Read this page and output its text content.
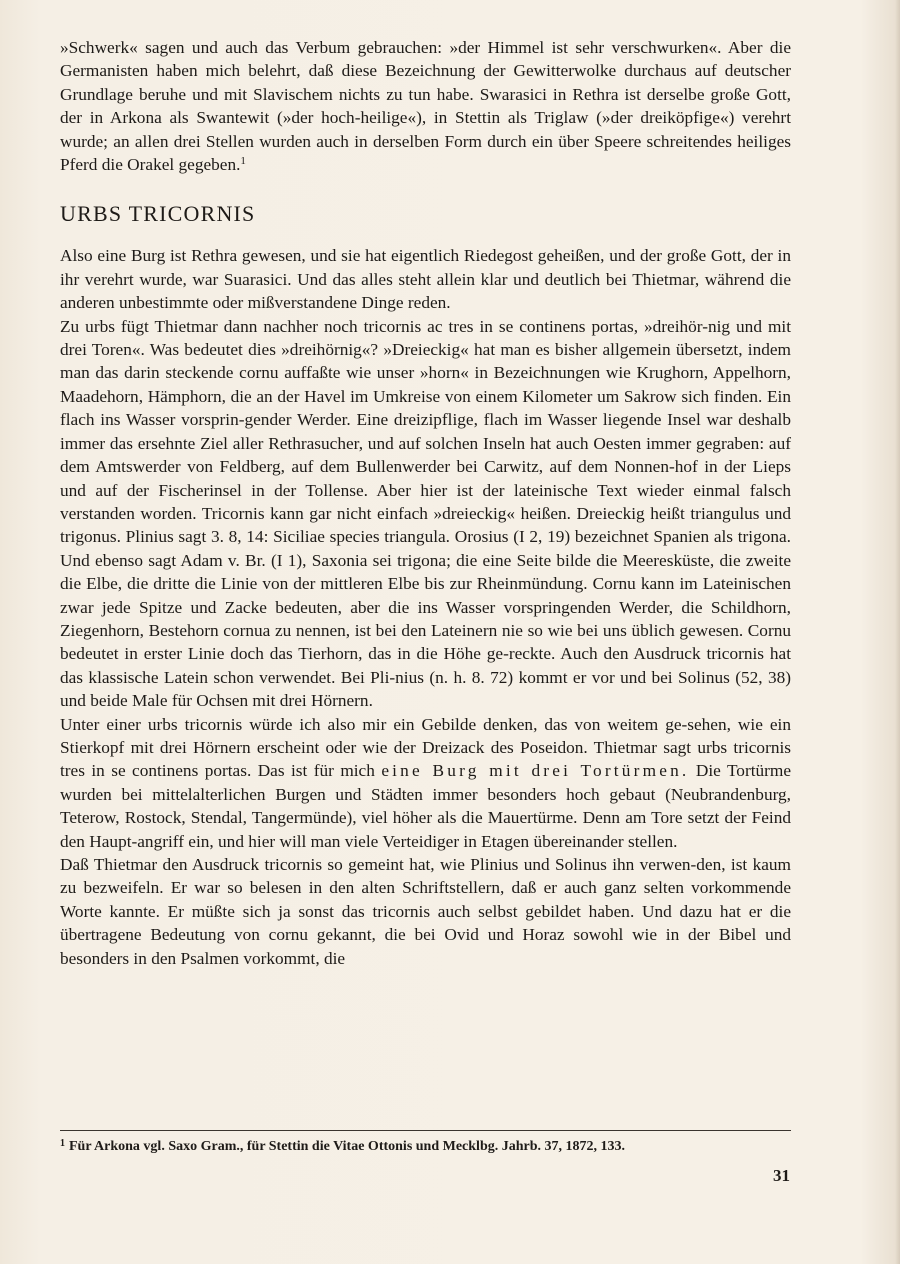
»Schwerk« sagen und auch das Verbum gebrauchen: »der Himmel ist sehr verschwurken«. Aber die Germanisten haben mich belehrt, daß diese Bezeichnung der Gewitterwolke durchaus auf deutscher Grundlage beruhe und mit Slavischem nichts zu tun habe. Swarasici in Rethra ist derselbe große Gott, der in Arkona als Swantewit (»der hoch-heilige«), in Stettin als Triglaw (»der dreiköpfige«) verehrt wurde; an allen drei Stellen wurden auch in derselben Form durch ein über Speere schreitendes heiliges Pferd die Orakel gegeben.$^1$

URBS TRICORNIS

Also eine Burg ist Rethra gewesen, und sie hat eigentlich Riedegost geheißen, und der große Gott, der in ihr verehrt wurde, war Suarasici. Und das alles steht allein klar und deutlich bei Thietmar, während die anderen unbestimmte oder mißverstandene Dinge reden.

Zu urbs fügt Thietmar dann nachher noch tricornis ac tres in se continens portas, »dreihör-nig und mit drei Toren«. Was bedeutet dies »dreihörnig«? »Dreieckig« hat man es bisher allgemein übersetzt, indem man das darin steckende cornu auffaßte wie unser »horn« in Bezeichnungen wie Krughorn, Appelhorn, Maadehorn, Hämphorn, die an der Havel im Umkreise von einem Kilometer um Sakrow sich finden. Ein flach ins Wasser vorsprin-gender Werder. Eine dreizipflige, flach im Wasser liegende Insel war deshalb immer das ersehnte Ziel aller Rethrasucher, und auf solchen Inseln hat auch Oesten immer gegraben: auf dem Amtswerder von Feldberg, auf dem Bullenwerder bei Carwitz, auf dem Nonnen-hof in der Lieps und auf der Fischerinsel in der Tollense. Aber hier ist der lateinische Text wieder einmal falsch verstanden worden. Tricornis kann gar nicht einfach »dreieckig« heißen. Dreieckig heißt triangulus und trigonus. Plinius sagt 3. 8, 14: Siciliae species triangula. Orosius (I 2, 19) bezeichnet Spanien als trigona. Und ebenso sagt Adam v. Br. (I 1), Saxonia sei trigona; die eine Seite bilde die Meeresküste, die zweite die Elbe, die dritte die Linie von der mittleren Elbe bis zur Rheinmündung. Cornu kann im Lateinischen zwar jede Spitze und Zacke bedeuten, aber die ins Wasser vorspringenden Werder, die Schildhorn, Ziegenhorn, Bestehorn cornua zu nennen, ist bei den Lateinern nie so wie bei uns üblich gewesen. Cornu bedeutet in erster Linie doch das Tierhorn, das in die Höhe ge-reckte. Auch den Ausdruck tricornis hat das klassische Latein schon verwendet. Bei Pli-nius (n. h. 8. 72) kommt er vor und bei Solinus (52, 38) und beide Male für Ochsen mit drei Hörnern.

Unter einer urbs tricornis würde ich also mir ein Gebilde denken, das von weitem ge-sehen, wie ein Stierkopf mit drei Hörnern erscheint oder wie der Dreizack des Poseidon. Thietmar sagt urbs tricornis tres in se continens portas. Das ist für mich eine Burg mit drei Tortürmen. Die Tortürme wurden bei mittelalterlichen Burgen und Städten immer besonders hoch gebaut (Neubrandenburg, Teterow, Rostock, Stendal, Tangermünde), viel höher als die Mauertürme. Denn am Tore setzt der Feind den Haupt-angriff ein, und hier will man viele Verteidiger in Etagen übereinander stellen.

Daß Thietmar den Ausdruck tricornis so gemeint hat, wie Plinius und Solinus ihn verwen-den, ist kaum zu bezweifeln. Er war so belesen in den alten Schriftstellern, daß er auch ganz selten vorkommende Worte kannte. Er müßte sich ja sonst das tricornis auch selbst gebildet haben. Und dazu hat er die übertragene Bedeutung von cornu gekannt, die bei Ovid und Horaz sowohl wie in der Bibel und besonders in den Psalmen vorkommt, die

$^1$ Für Arkona vgl. Saxo Gram., für Stettin die Vitae Ottonis und Mecklbg. Jahrb. 37, 1872, 133.
31
